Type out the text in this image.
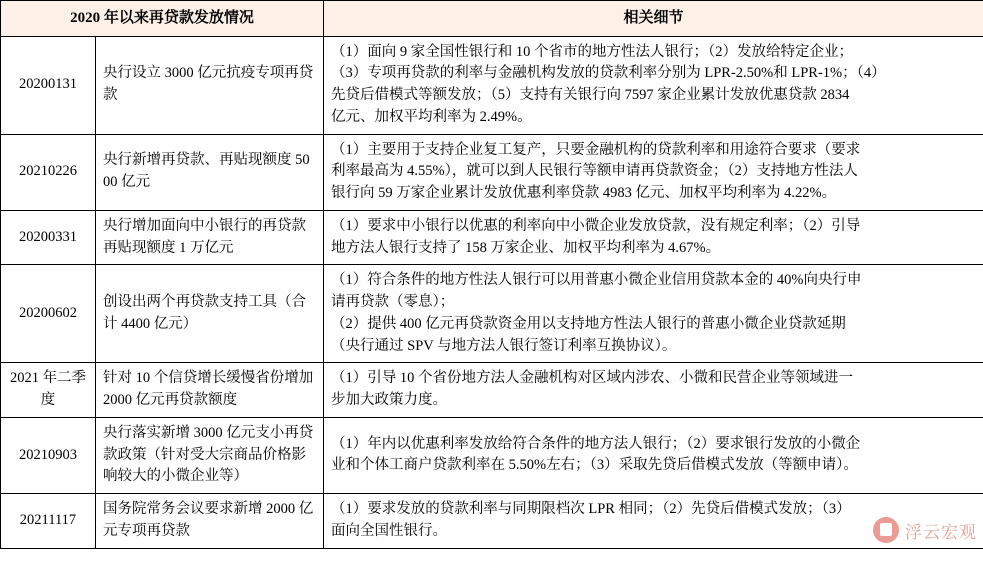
2020 年以来再贷款发放情况		相关细节
20200131	央行设立 3000 亿元抗疫专项再贷款	（1）面向 9 家全国性银行和 10 个省市的地方性法人银行；（2）发放给特定企业；
（3）专项再贷款的利率与金融机构发放的贷款利率分别为 LPR-2.50%和 LPR-1%；（4）
先贷后借模式等额发放；（5）支持有关银行向 7597 家企业累计发放优惠贷款 2834
亿元、加权平均利率为 2.49%。

20210226	央行新增再贷款、再贴现额度 5000 亿元	（1）主要用于支持企业复工复产，只要金融机构的贷款利率和用途符合要求（要求
利率最高为 4.55%），就可以到人民银行等额申请再贷款资金；（2）支持地方性法人
银行向 59 万家企业累计发放优惠利率贷款 4983 亿元、加权平均利率为 4.22%。

20200331	央行增加面向中小银行的再贷款再贴现额度 1 万亿元	（1）要求中小银行以优惠的利率向中小微企业发放贷款，没有规定利率；（2）引导
地方法人银行支持了 158 万家企业、加权平均利率为 4.67%。

20200602	创设出两个再贷款支持工具（合计 4400 亿元）	（1）符合条件的地方性法人银行可以用普惠小微企业信用贷款本金的 40%向央行申
请再贷款（零息）；
（2）提供 400 亿元再贷款资金用以支持地方性法人银行的普惠小微企业贷款延期
（央行通过 SPV 与地方法人银行签订利率互换协议）。

2021 年二季度	针对 10 个信贷增长缓慢省份增加 2000 亿元再贷款额度	（1）引导 10 个省份地方法人金融机构对区域内涉农、小微和民营企业等领域进一
步加大政策力度。

20210903	央行落实新增 3000 亿元支小再贷款政策（针对受大宗商品价格影响较大的小微企业等）	（1）年内以优惠利率发放给符合条件的地方法人银行；（2）要求银行发放的小微企
业和个体工商户贷款利率在 5.50%左右；（3）采取先贷后借模式发放（等额申请）。

20211117	国务院常务会议要求新增 2000 亿元专项再贷款	（1）要求发放的贷款利率与同期限档次 LPR 相同；（2）先贷后借模式发放；（3）
面向全国性银行。	浮云宏观
